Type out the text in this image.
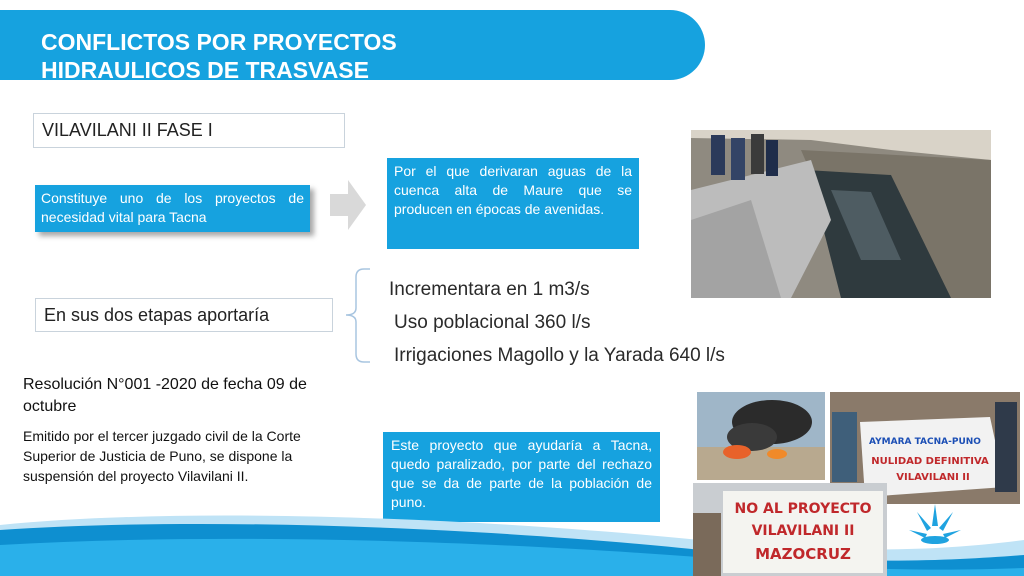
CONFLICTOS POR PROYECTOS
HIDRAULICOS DE TRASVASE
VILAVILANI II FASE I
Constituye uno de los proyectos de necesidad vital para Tacna
Por el que derivaran aguas de la cuenca alta de Maure que se producen en épocas de avenidas.
En sus dos etapas aportaría
Incrementara en 1 m3/s
Uso poblacional 360 l/s
Irrigaciones Magollo y la Yarada 640 l/s
Resolución N°001 -2020 de fecha 09 de octubre
Emitido por el tercer juzgado civil de la Corte Superior de Justicia de Puno, se dispone la suspensión del proyecto Vilavilani II.
Este proyecto que ayudaría a Tacna, quedo paralizado, por parte del rechazo que se da de parte de la población de puno.
AYMARA TACNA-PUNO
NULIDAD DEFINITIVA
VILAVILANI II
NO AL PROYECTO
VILAVILANI II
MAZOCRUZ
